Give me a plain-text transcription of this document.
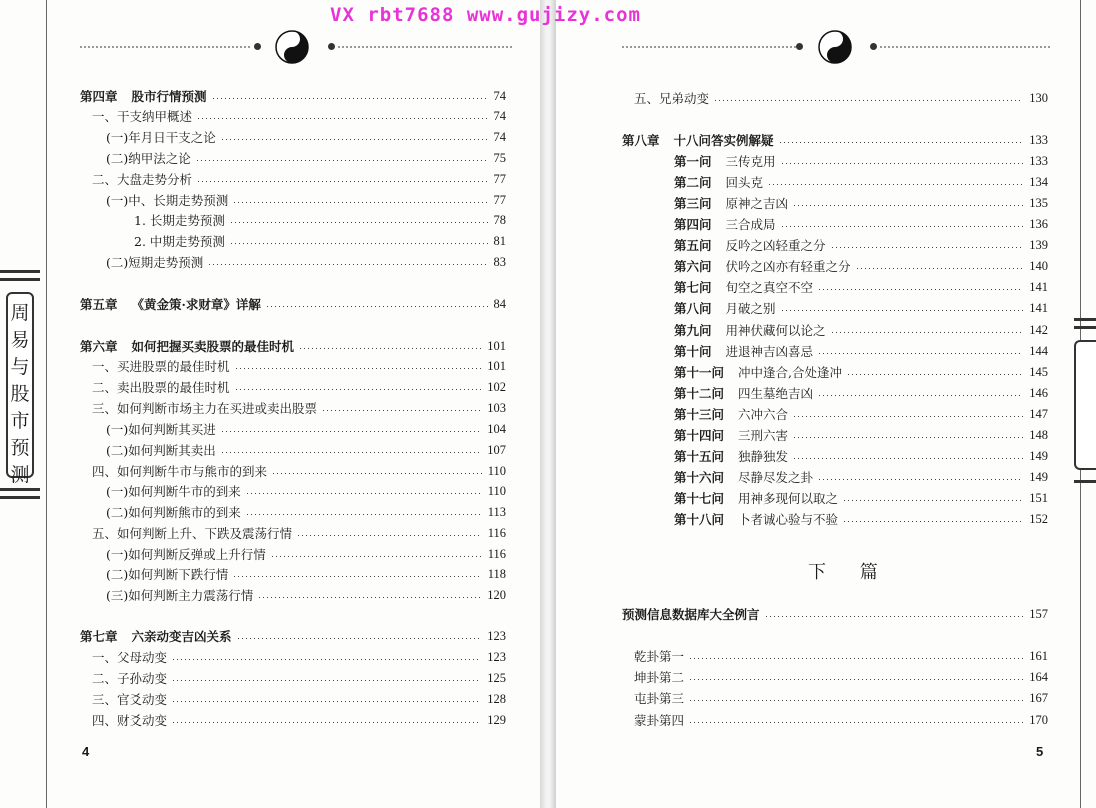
VX rbt7688 www.gujizy.com
周
易
与
股
市
预
测
第四章 股市行情预测	74
一、干支纳甲概述	74
(一)年月日干支之论	74
(二)纳甲法之论	75
二、大盘走势分析	77
(一)中、长期走势预测	77
1. 长期走势预测	78
2. 中期走势预测	81
(二)短期走势预测	83
第五章 《黄金策·求财章》详解	84
第六章 如何把握买卖股票的最佳时机	101
一、买进股票的最佳时机	101
二、卖出股票的最佳时机	102
三、如何判断市场主力在买进或卖出股票	103
(一)如何判断其买进	104
(二)如何判断其卖出	107
四、如何判断牛市与熊市的到来	110
(一)如何判断牛市的到来	110
(二)如何判断熊市的到来	113
五、如何判断上升、下跌及震荡行情	116
(一)如何判断反弹或上升行情	116
(二)如何判断下跌行情	118
(三)如何判断主力震荡行情	120
第七章 六亲动变吉凶关系	123
一、父母动变	123
二、子孙动变	125
三、官爻动变	128
四、财爻动变	129
五、兄弟动变	130
第八章 十八问答实例解疑	133
第一问 三传克用	133
第二问 回头克	134
第三问 原神之吉凶	135
第四问 三合成局	136
第五问 反吟之凶轻重之分	139
第六问 伏吟之凶亦有轻重之分	140
第七问 旬空之真空不空	141
第八问 月破之别	141
第九问 用神伏藏何以论之	142
第十问 进退神吉凶喜忌	144
第十一问 冲中逢合,合处逢冲	145
第十二问 四生墓绝吉凶	146
第十三问 六冲六合	147
第十四问 三刑六害	148
第十五问 独静独发	149
第十六问 尽静尽发之卦	149
第十七问 用神多现何以取之	151
第十八问 卜者诚心验与不验	152
预测信息数据库大全例言	157
乾卦第一	161
坤卦第二	164
屯卦第三	167
蒙卦第四	170
下 篇
4	5
